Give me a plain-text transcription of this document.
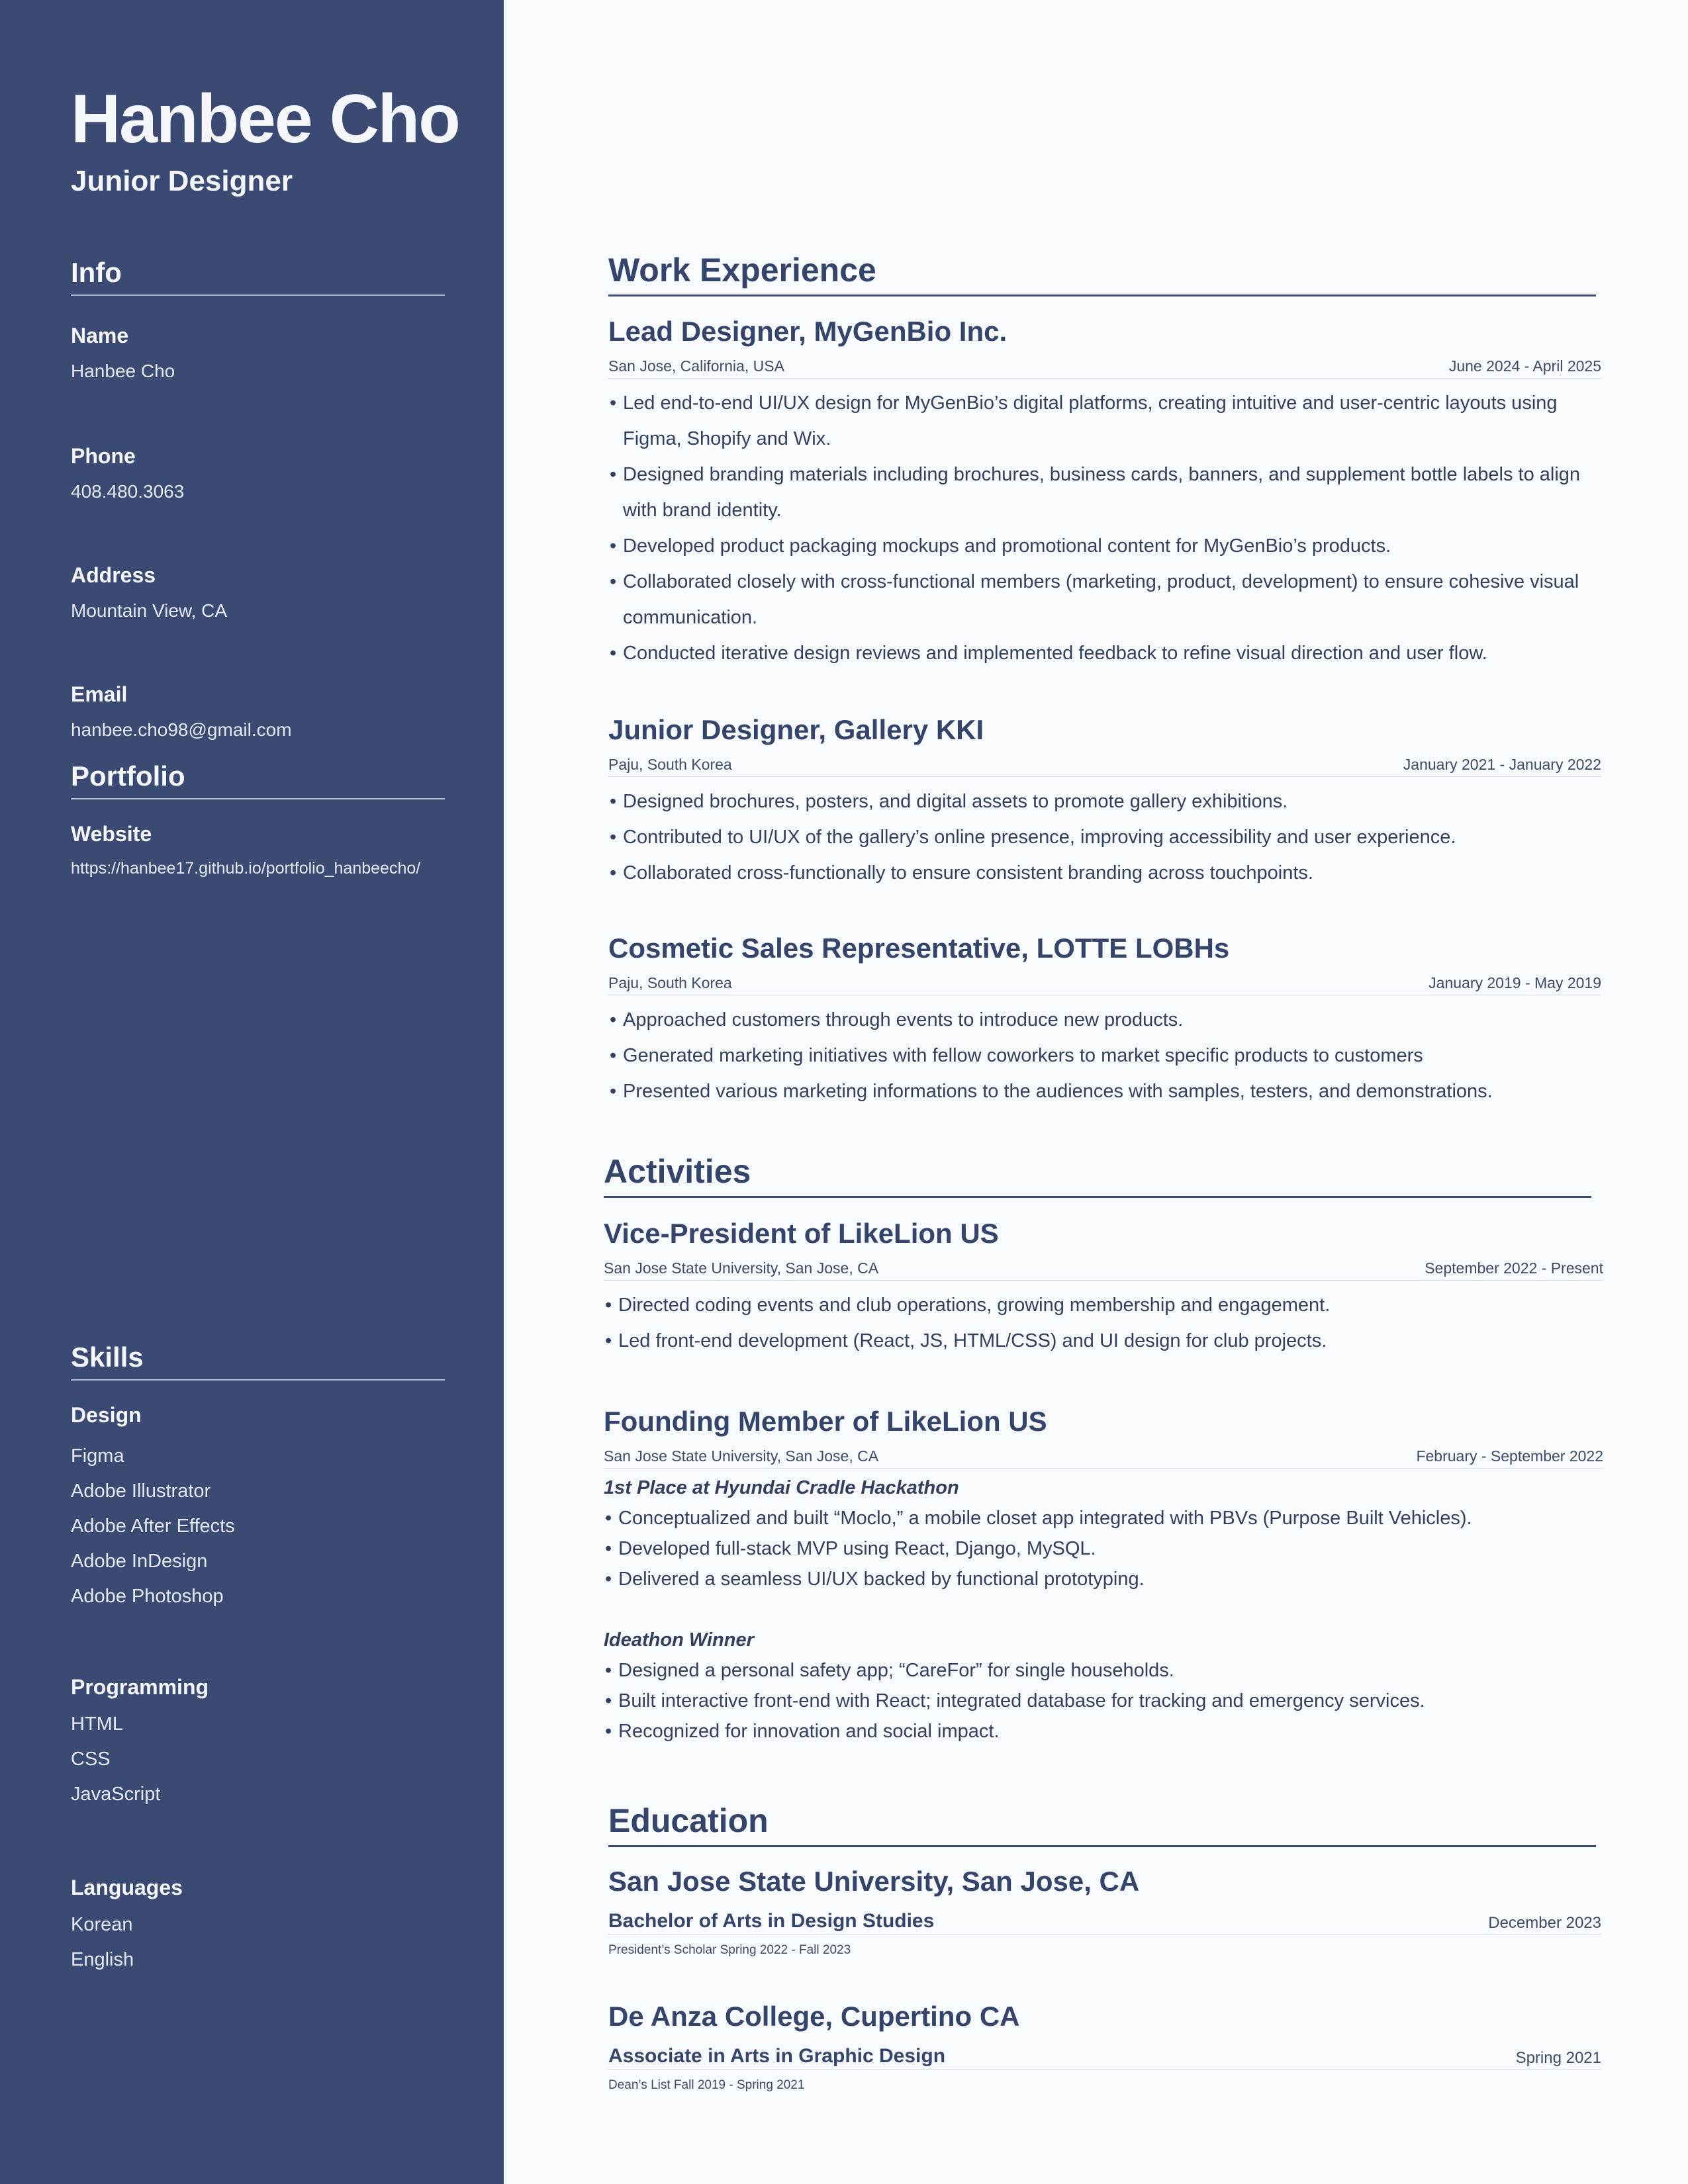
Hanbee Cho
Junior Designer
Info
Name
Hanbee Cho
Phone
408.480.3063
Address
Mountain View, CA
Email
hanbee.cho98@gmail.com
Portfolio
Website
https://hanbee17.github.io/portfolio_hanbeecho/
Skills
Design
Figma
Adobe Illustrator
Adobe After Effects
Adobe InDesign
Adobe Photoshop
Programming
HTML
CSS
JavaScript
Languages
Korean
English
Work Experience
Lead Designer, MyGenBio Inc.
San Jose, California, USA	June 2024 - April 2025
• Led end-to-end UI/UX design for MyGenBio’s digital platforms, creating intuitive and user-centric layouts using Figma, Shopify and Wix.
• Designed branding materials including brochures, business cards, banners, and supplement bottle labels to align with brand identity.
• Developed product packaging mockups and promotional content for MyGenBio’s products.
• Collaborated closely with cross-functional members (marketing, product, development) to ensure cohesive visual communication.
• Conducted iterative design reviews and implemented feedback to refine visual direction and user flow.
Junior Designer, Gallery KKI
Paju, South Korea	January 2021 - January 2022
• Designed brochures, posters, and digital assets to promote gallery exhibitions.
• Contributed to UI/UX of the gallery’s online presence, improving accessibility and user experience.
• Collaborated cross-functionally to ensure consistent branding across touchpoints.
Cosmetic Sales Representative, LOTTE LOBHs
Paju, South Korea	January 2019 - May 2019
• Approached customers through events to introduce new products.
• Generated marketing initiatives with fellow coworkers to market specific products to customers
• Presented various marketing informations to the audiences with samples, testers, and demonstrations.
Activities
Vice-President of LikeLion US
San Jose State University, San Jose, CA	September 2022 - Present
• Directed coding events and club operations, growing membership and engagement.
• Led front-end development (React, JS, HTML/CSS) and UI design for club projects.
Founding Member of LikeLion US
San Jose State University, San Jose, CA	February - September 2022
1st Place at Hyundai Cradle Hackathon
• Conceptualized and built “Moclo,” a mobile closet app integrated with PBVs (Purpose Built Vehicles).
• Developed full-stack MVP using React, Django, MySQL.
• Delivered a seamless UI/UX backed by functional prototyping.
Ideathon Winner
• Designed a personal safety app; “CareFor” for single households.
• Built interactive front-end with React; integrated database for tracking and emergency services.
• Recognized for innovation and social impact.
Education
San Jose State University, San Jose, CA
Bachelor of Arts in Design Studies	December 2023
President’s Scholar Spring 2022 - Fall 2023
De Anza College, Cupertino CA
Associate in Arts in Graphic Design	Spring 2021
Dean’s List Fall 2019 - Spring 2021
